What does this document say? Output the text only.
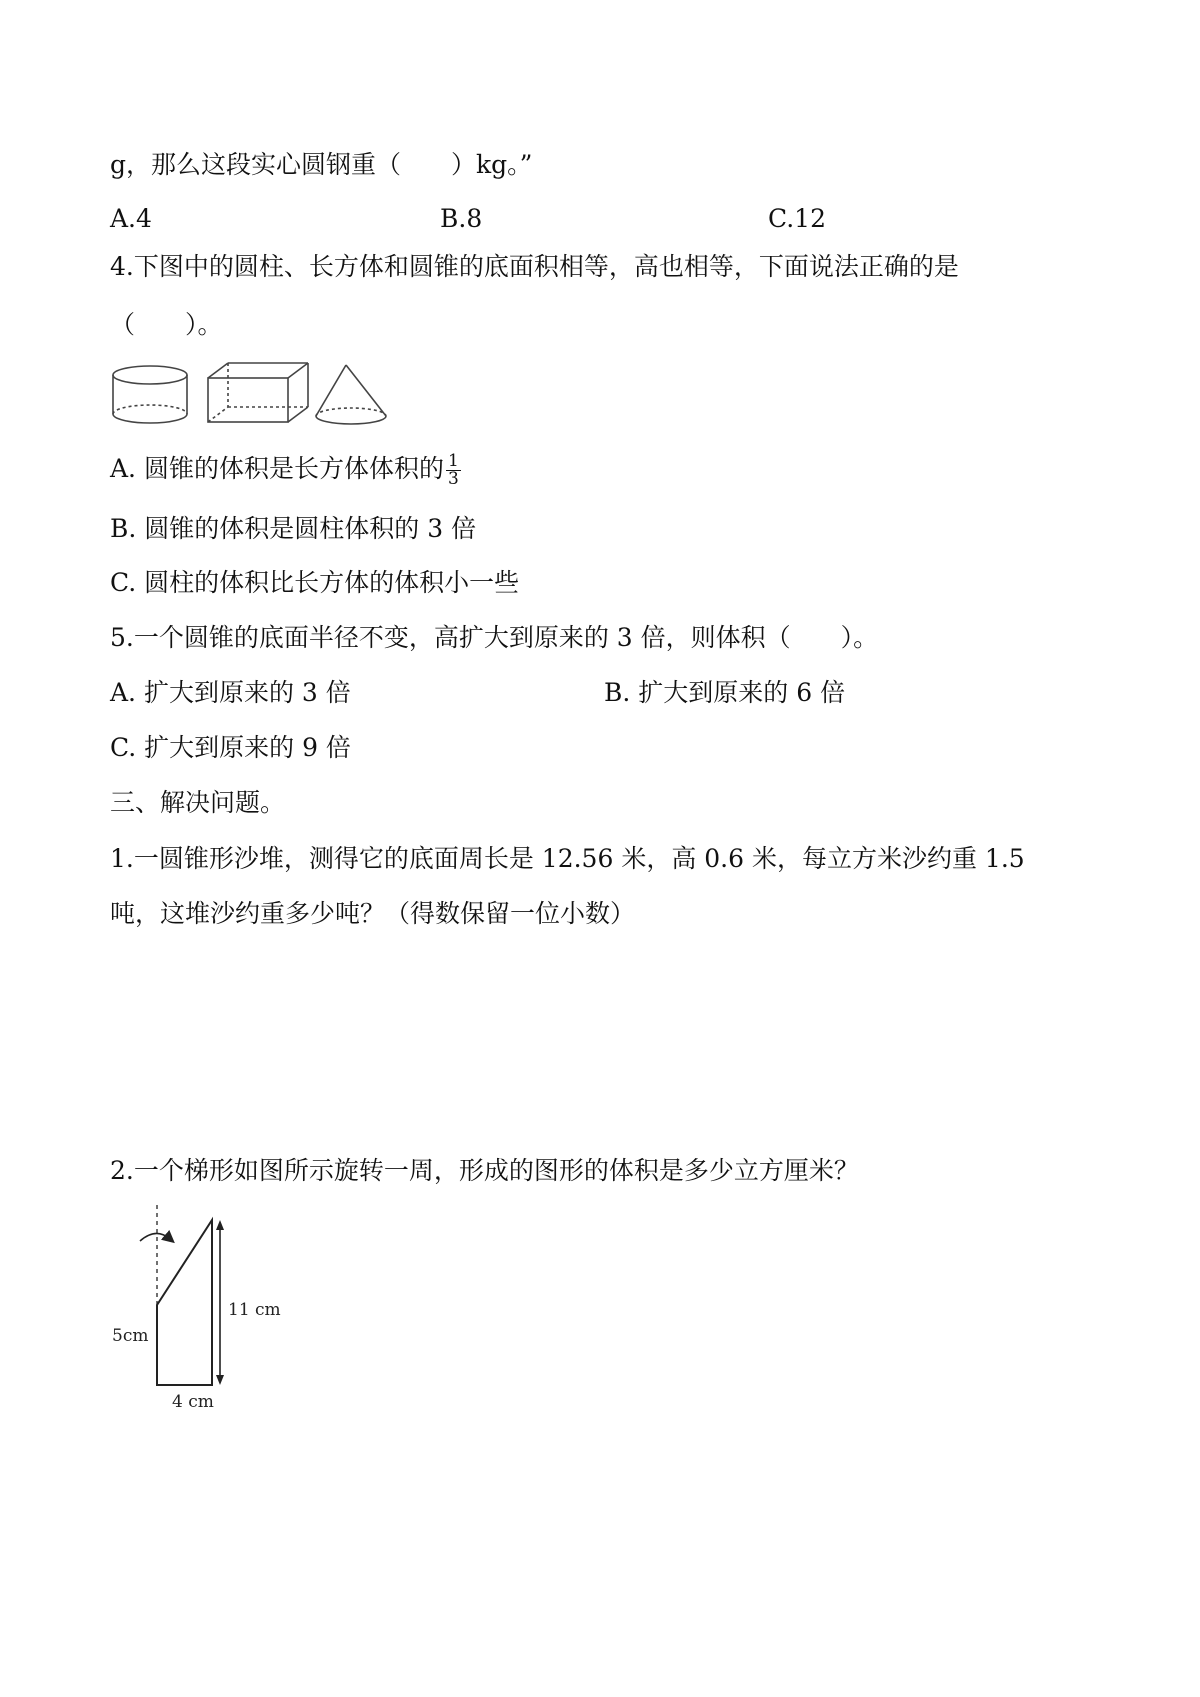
g，那么这段实心圆钢重（　　）kg。”
A.4	B.8	C.12
4.下图中的圆柱、长方体和圆锥的底面积相等，高也相等，下面说法正确的是
（　　）。
A. 圆锥的体积是长方体体积的 $\frac{1}{3}$
B. 圆锥的体积是圆柱体积的 3 倍
C. 圆柱的体积比长方体的体积小一些
5.一个圆锥的底面半径不变，高扩大到原来的 3 倍，则体积（　　）。
A. 扩大到原来的 3 倍	B. 扩大到原来的 6 倍
C. 扩大到原来的 9 倍
三、解决问题。
1.一圆锥形沙堆，测得它的底面周长是 12.56 米，高 0.6 米，每立方米沙约重 1.5
吨，这堆沙约重多少吨？（得数保留一位小数）
2.一个梯形如图所示旋转一周，形成的图形的体积是多少立方厘米？
11 cm
5cm
4 cm
